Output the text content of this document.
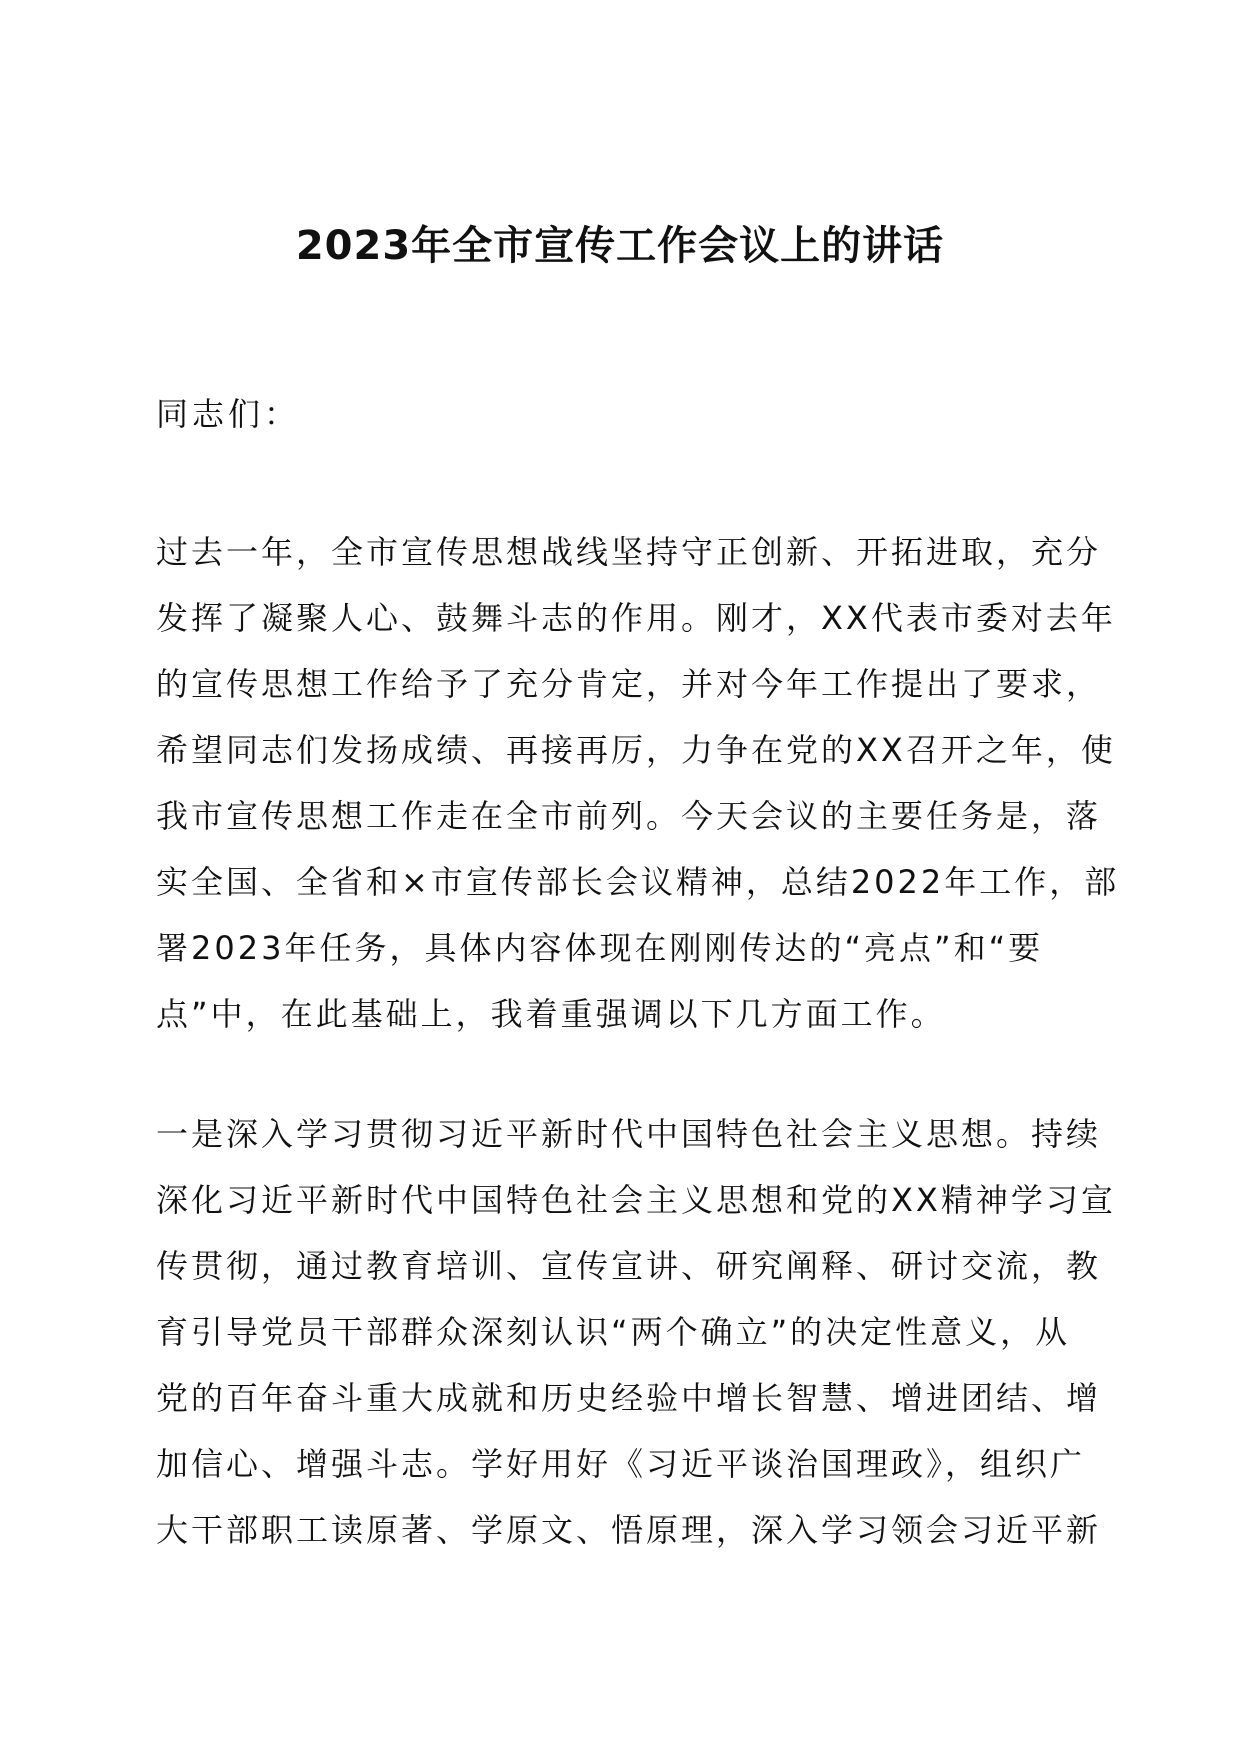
2023年全市宣传工作会议上的讲话

同志们：

过去一年，全市宣传思想战线坚持守正创新、开拓进取，充分
发挥了凝聚人心、鼓舞斗志的作用。刚才，XX代表市委对去年
的宣传思想工作给予了充分肯定，并对今年工作提出了要求，
希望同志们发扬成绩、再接再厉，力争在党的XX召开之年，使
我市宣传思想工作走在全市前列。今天会议的主要任务是，落
实全国、全省和×市宣传部长会议精神，总结2022年工作，部
署2023年任务，具体内容体现在刚刚传达的“亮点”和“要
点”中，在此基础上，我着重强调以下几方面工作。
一是深入学习贯彻习近平新时代中国特色社会主义思想。持续
深化习近平新时代中国特色社会主义思想和党的XX精神学习宣
传贯彻，通过教育培训、宣传宣讲、研究阐释、研讨交流，教
育引导党员干部群众深刻认识“两个确立”的决定性意义，从
党的百年奋斗重大成就和历史经验中增长智慧、增进团结、增
加信心、增强斗志。学好用好《习近平谈治国理政》，组织广
大干部职工读原著、学原文、悟原理，深入学习领会习近平新
